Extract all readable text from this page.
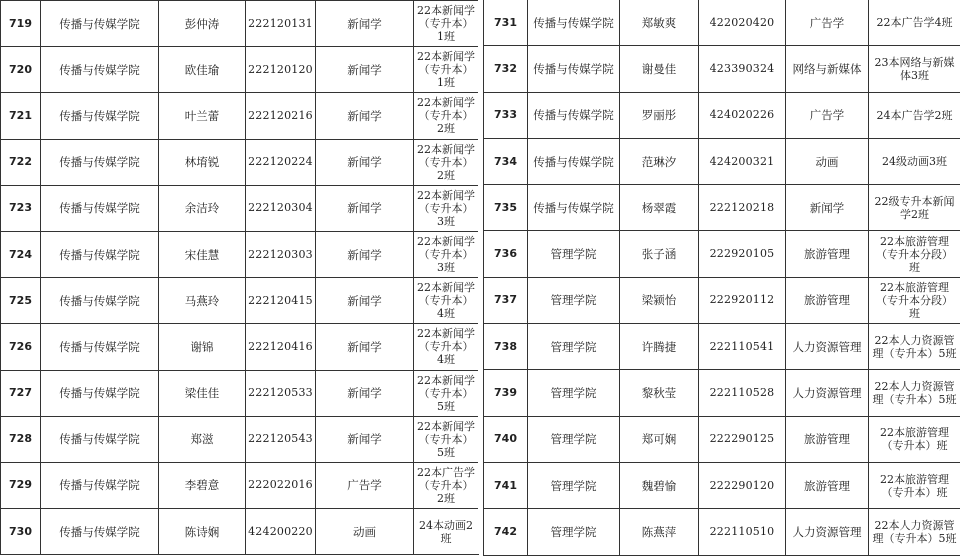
719	传播与传媒学院	彭仲涛	222120131	新闻学	22本新闻学（专升本）1班
720	传播与传媒学院	欧佳瑜	222120120	新闻学	22本新闻学（专升本）1班
721	传播与传媒学院	叶兰蕾	222120216	新闻学	22本新闻学（专升本）2班
722	传播与传媒学院	林堉锐	222120224	新闻学	22本新闻学（专升本）2班
723	传播与传媒学院	余洁玲	222120304	新闻学	22本新闻学（专升本）3班
724	传播与传媒学院	宋佳慧	222120303	新闻学	22本新闻学（专升本）3班
725	传播与传媒学院	马燕玲	222120415	新闻学	22本新闻学（专升本）4班
726	传播与传媒学院	谢锦	222120416	新闻学	22本新闻学（专升本）4班
727	传播与传媒学院	梁佳佳	222120533	新闻学	22本新闻学（专升本）5班
728	传播与传媒学院	郑滋	222120543	新闻学	22本新闻学（专升本）5班
729	传播与传媒学院	李碧意	222022016	广告学	22本广告学（专升本）2班
730	传播与传媒学院	陈诗娴	424200220	动画	24本动画2班
731	传播与传媒学院	郑敏爽	422020420	广告学	22本广告学4班
732	传播与传媒学院	谢曼佳	423390324	网络与新媒体	23本网络与新媒体3班
733	传播与传媒学院	罗丽彤	424020226	广告学	24本广告学2班
734	传播与传媒学院	范琳汐	424200321	动画	24级动画3班
735	传播与传媒学院	杨翠霞	222120218	新闻学	22级专升本新闻学2班
736	管理学院	张子涵	222920105	旅游管理	22本旅游管理（专升本分段）班
737	管理学院	梁颍怡	222920112	旅游管理	22本旅游管理（专升本分段）班
738	管理学院	许腾捷	222110541	人力资源管理	22本人力资源管理（专升本）5班
739	管理学院	黎秋莹	222110528	人力资源管理	22本人力资源管理（专升本）5班
740	管理学院	郑可娴	222290125	旅游管理	22本旅游管理（专升本）班
741	管理学院	魏碧愉	222290120	旅游管理	22本旅游管理（专升本）班
742	管理学院	陈燕萍	222110510	人力资源管理	22本人力资源管理（专升本）5班
